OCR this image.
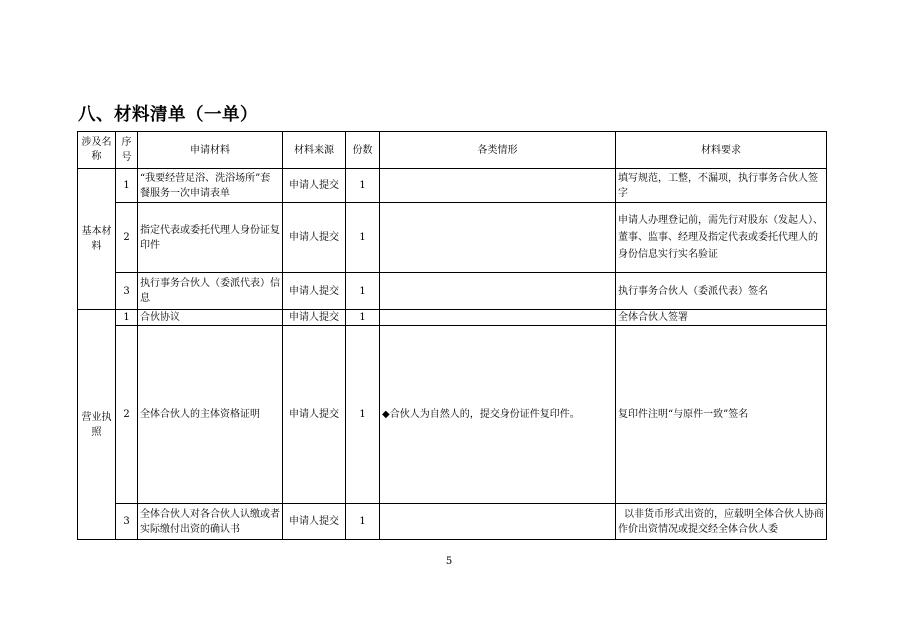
八、材料清单（一单）
涉及名称	序号	申请材料	材料来源	份数	各类情形	材料要求
基本材料	1	“我要经营足浴、洗浴场所”套餐服务一次申请表单	申请人提交	1		填写规范，工整，不漏项，执行事务合伙人签字
	2	指定代表或委托代理人身份证复印件	申请人提交	1		申请人办理登记前，需先行对股东（发起人）、董事、监事、经理及指定代表或委托代理人的身份信息实行实名验证
	3	执行事务合伙人（委派代表）信息	申请人提交	1		执行事务合伙人（委派代表）签名
营业执照	1	合伙协议	申请人提交	1		全体合伙人签署
	2	全体合伙人的主体资格证明	申请人提交	1	◆合伙人为自然人的，提交身份证件复印件。	复印件注明“与原件一致”签名
	3	全体合伙人对各合伙人认缴或者实际缴付出资的确认书	申请人提交	1		以非货币形式出资的，应载明全体合伙人协商作价出资情况或提交经全体合伙人委
5
